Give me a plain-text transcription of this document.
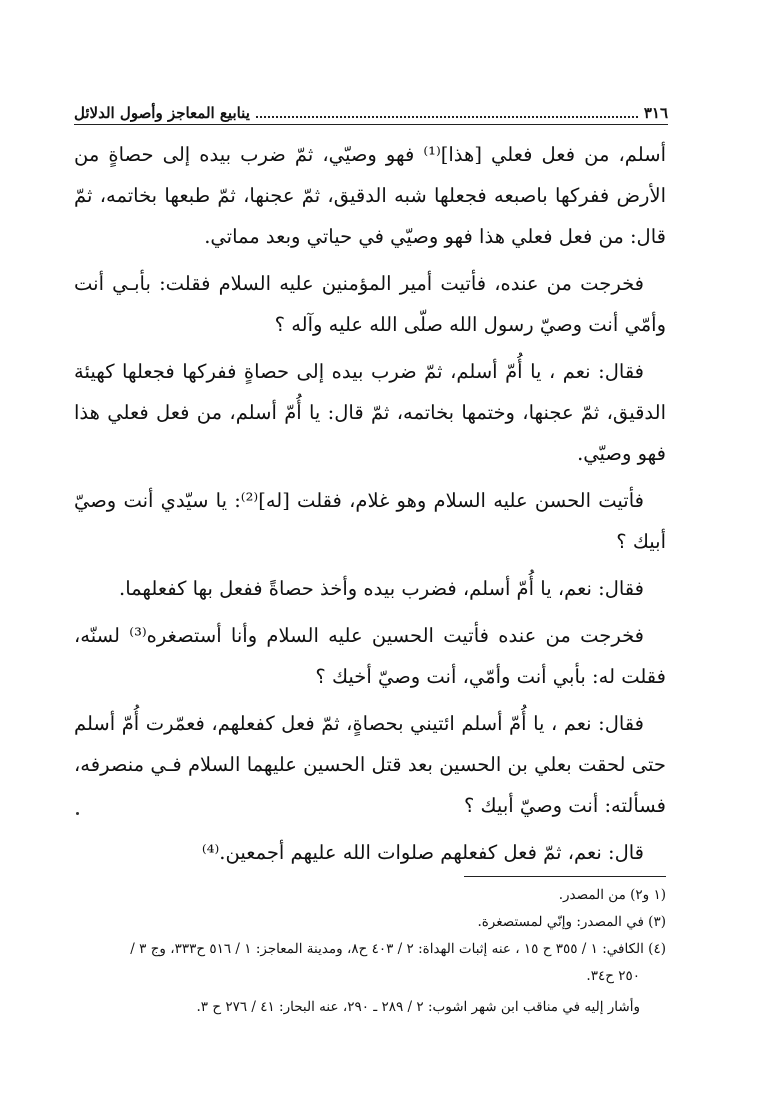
٣١٦
ينابيع المعاجز وأصول الدلائل

أسلم، من فعل فعلي [هذا]⁽¹⁾ فهو وصيّي، ثمّ ضرب بيده إلى حصاةٍ من الأرض ففركها باصبعه فجعلها شبه الدقيق، ثمّ عجنها، ثمّ طبعها بخاتمه، ثمّ قال: من فعل فعلي هذا فهو وصيّي في حياتي وبعد مماتي.

فخرجت من عنده، فأتيت أمير المؤمنين عليه السلام فقلت: بأبـي أنت وأمّي أنت وصيّ رسول الله صلّى الله عليه وآله ؟

فقال: نعم ، يا أُمّ أسلم، ثمّ ضرب بيده إلى حصاةٍ ففركها فجعلها كهيئة الدقيق، ثمّ عجنها، وختمها بخاتمه، ثمّ قال: يا أُمّ أسلم، من فعل فعلي هذا فهو وصيّي.

فأتيت الحسن عليه السلام وهو غلام، فقلت [له]⁽²⁾: يا سيّدي أنت وصيّ أبيك ؟

فقال: نعم، يا أُمّ أسلم، فضرب بيده وأخذ حصاةً ففعل بها كفعلهما.

فخرجت من عنده فأتيت الحسين عليه السلام وأنا أستصغره⁽³⁾ لسنّه، فقلت له: بأبي أنت وأمّي، أنت وصيّ أخيك ؟

فقال: نعم ، يا أُمّ أسلم ائتيني بحصاةٍ، ثمّ فعل كفعلهم، فعمّرت أُمّ أسلم حتى لحقت بعلي بن الحسين بعد قتل الحسين عليهما السلام فـي منصرفه، فسألته: أنت وصيّ أبيك ؟

قال: نعم، ثمّ فعل كفعلهم صلوات الله عليهم أجمعين.⁽⁴⁾

(١ و٢) من المصدر.

(٣) في المصدر: وإنّي لمستصغرة.

(٤) الكافي: ١ / ٣٥٥ ح ١٥ ، عنه إثبات الهداة: ٢ / ٤٠٣ ح٨، ومدينة المعاجز: ١ / ٥١٦ ح٣٣٣، وج ٣ /

٢٥٠ ح٣٤.

وأشار إليه في مناقب ابن شهر اشوب: ٢ / ٢٨٩ ـ ٢٩٠، عنه البحار: ٤١ / ٢٧٦ ح ٣.
